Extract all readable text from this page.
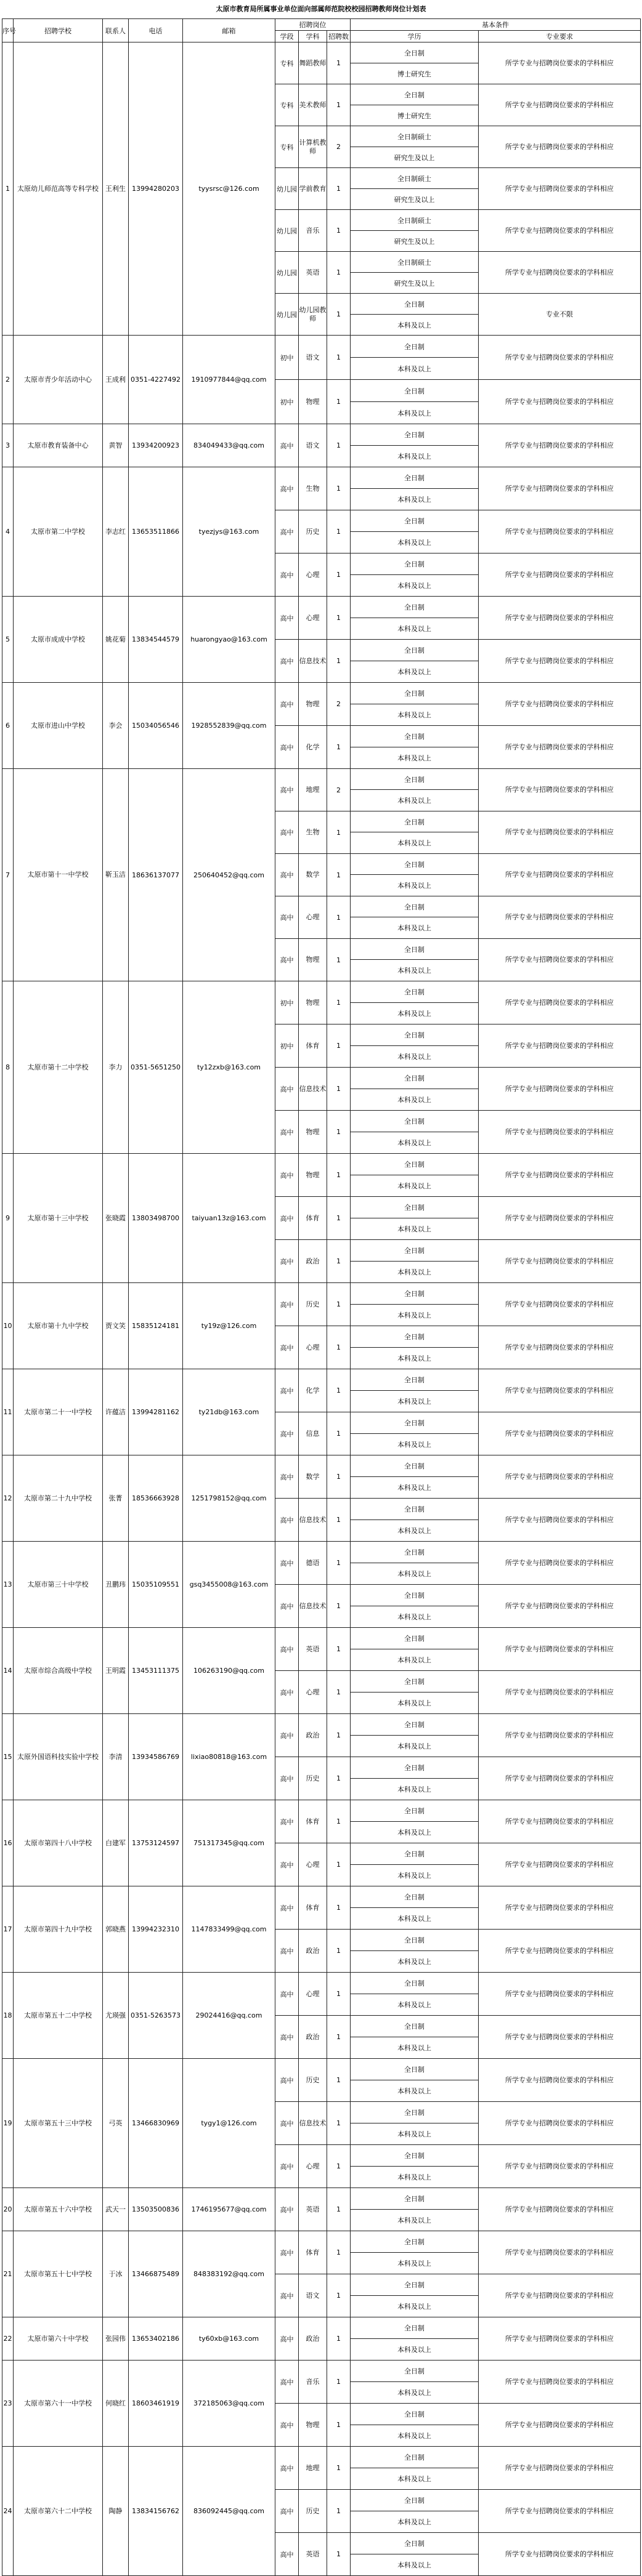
太原市教育局所属事业单位面向部属师范院校校园招聘教师岗位计划表
序号	招聘学校	联系人	电话	邮箱	招聘岗位			基本条件	
					学段	学科	招聘数	学历	专业要求
1	太原幼儿师范高等专科学校	王利生	13994280203	tyysrsc@126.com	专科	舞蹈教师	1	全日制	所学专业与招聘岗位要求的学科相应
								博士研究生	
					专科	美术教师	1	全日制	所学专业与招聘岗位要求的学科相应
								博士研究生	
					专科	计算机教师	2	全日制硕士	所学专业与招聘岗位要求的学科相应
								研究生及以上	
					幼儿园	学前教育	1	全日制硕士	所学专业与招聘岗位要求的学科相应
								研究生及以上	
					幼儿园	音乐	1	全日制硕士	所学专业与招聘岗位要求的学科相应
								研究生及以上	
					幼儿园	英语	1	全日制硕士	所学专业与招聘岗位要求的学科相应
								研究生及以上	
					幼儿园	幼儿园教师	1	全日制	专业不限
								本科及以上	
2	太原市青少年活动中心	王成利	0351-4227492	1910977844@qq.com	初中	语文	1	全日制	所学专业与招聘岗位要求的学科相应
								本科及以上	
					初中	物理	1	全日制	所学专业与招聘岗位要求的学科相应
								本科及以上	
3	太原市教育装备中心	黄智	13934200923	834049433@qq.com	高中	语文	1	全日制	所学专业与招聘岗位要求的学科相应
								本科及以上	
4	太原市第二中学校	李志红	13653511866	tyezjys@163.com	高中	生物	1	全日制	所学专业与招聘岗位要求的学科相应
								本科及以上	
					高中	历史	1	全日制	所学专业与招聘岗位要求的学科相应
								本科及以上	
					高中	心理	1	全日制	所学专业与招聘岗位要求的学科相应
								本科及以上	
5	太原市成成中学校	姚花菊	13834544579	huarongyao@163.com	高中	心理	1	全日制	所学专业与招聘岗位要求的学科相应
								本科及以上	
					高中	信息技术	1	全日制	所学专业与招聘岗位要求的学科相应
								本科及以上	
6	太原市进山中学校	李会	15034056546	1928552839@qq.com	高中	物理	2	全日制	所学专业与招聘岗位要求的学科相应
								本科及以上	
					高中	化学	1	全日制	所学专业与招聘岗位要求的学科相应
								本科及以上	
7	太原市第十一中学校	靳玉洁	18636137077	250640452@qq.com	高中	地理	2	全日制	所学专业与招聘岗位要求的学科相应
								本科及以上	
					高中	生物	1	全日制	所学专业与招聘岗位要求的学科相应
								本科及以上	
					高中	数学	1	全日制	所学专业与招聘岗位要求的学科相应
								本科及以上	
					高中	心理	1	全日制	所学专业与招聘岗位要求的学科相应
								本科及以上	
					高中	物理	1	全日制	所学专业与招聘岗位要求的学科相应
								本科及以上	
8	太原市第十二中学校	李力	0351-5651250	ty12zxb@163.com	初中	物理	1	全日制	所学专业与招聘岗位要求的学科相应
								本科及以上	
					初中	体育	1	全日制	所学专业与招聘岗位要求的学科相应
								本科及以上	
					高中	信息技术	1	全日制	所学专业与招聘岗位要求的学科相应
								本科及以上	
					高中	物理	1	全日制	所学专业与招聘岗位要求的学科相应
								本科及以上	
9	太原市第十三中学校	张晓霞	13803498700	taiyuan13z@163.com	高中	物理	1	全日制	所学专业与招聘岗位要求的学科相应
								本科及以上	
					高中	体育	1	全日制	所学专业与招聘岗位要求的学科相应
								本科及以上	
					高中	政治	1	全日制	所学专业与招聘岗位要求的学科相应
								本科及以上	
10	太原市第十九中学校	贾文笑	15835124181	ty19z@126.com	高中	历史	1	全日制	所学专业与招聘岗位要求的学科相应
								本科及以上	
					高中	心理	1	全日制	所学专业与招聘岗位要求的学科相应
								本科及以上	
11	太原市第二十一中学校	许蕴洁	13994281162	ty21db@163.com	高中	化学	1	全日制	所学专业与招聘岗位要求的学科相应
								本科及以上	
					高中	信息	1	全日制	所学专业与招聘岗位要求的学科相应
								本科及以上	
12	太原市第二十九中学校	张菁	18536663928	1251798152@qq.com	高中	数学	1	全日制	所学专业与招聘岗位要求的学科相应
								本科及以上	
					高中	信息技术	1	全日制	所学专业与招聘岗位要求的学科相应
								本科及以上	
13	太原市第三十中学校	丑鹏玮	15035109551	gsq3455008@163.com	高中	德语	1	全日制	所学专业与招聘岗位要求的学科相应
								本科及以上	
					高中	信息技术	1	全日制	所学专业与招聘岗位要求的学科相应
								本科及以上	
14	太原市综合高级中学校	王明霞	13453111375	106263190@qq.com	高中	英语	1	全日制	所学专业与招聘岗位要求的学科相应
								本科及以上	
					高中	心理	1	全日制	所学专业与招聘岗位要求的学科相应
								本科及以上	
15	太原外国语科技实验中学校	李清	13934586769	lixiao80818@163.com	高中	政治	1	全日制	所学专业与招聘岗位要求的学科相应
								本科及以上	
					高中	历史	1	全日制	所学专业与招聘岗位要求的学科相应
								本科及以上	
16	太原市第四十八中学校	白建军	13753124597	751317345@qq.com	高中	体育	1	全日制	所学专业与招聘岗位要求的学科相应
								本科及以上	
					高中	心理	1	全日制	所学专业与招聘岗位要求的学科相应
								本科及以上	
17	太原市第四十九中学校	郭晓燕	13994232310	1147833499@qq.com	高中	体育	1	全日制	所学专业与招聘岗位要求的学科相应
								本科及以上	
					高中	政治	1	全日制	所学专业与招聘岗位要求的学科相应
								本科及以上	
18	太原市第五十二中学校	尤瑛强	0351-5263573	29024416@qq.com	高中	心理	1	全日制	所学专业与招聘岗位要求的学科相应
								本科及以上	
					高中	政治	1	全日制	所学专业与招聘岗位要求的学科相应
								本科及以上	
19	太原市第五十三中学校	弓英	13466830969	tygy1@126.com	高中	历史	1	全日制	所学专业与招聘岗位要求的学科相应
								本科及以上	
					高中	信息技术	1	全日制	所学专业与招聘岗位要求的学科相应
								本科及以上	
					高中	心理	1	全日制	所学专业与招聘岗位要求的学科相应
								本科及以上	
20	太原市第五十六中学校	武天一	13503500836	1746195677@qq.com	高中	英语	1	全日制	所学专业与招聘岗位要求的学科相应
								本科及以上	
21	太原市第五十七中学校	于冰	13466875489	848383192@qq.com	高中	体育	1	全日制	所学专业与招聘岗位要求的学科相应
								本科及以上	
					高中	语文	1	全日制	所学专业与招聘岗位要求的学科相应
								本科及以上	
22	太原市第六十中学校	张园伟	13653402186	ty60xb@163.com	高中	政治	1	全日制	所学专业与招聘岗位要求的学科相应
								本科及以上	
23	太原市第六十一中学校	何晓红	18603461919	372185063@qq.com	高中	音乐	1	全日制	所学专业与招聘岗位要求的学科相应
								本科及以上	
					高中	物理	1	全日制	所学专业与招聘岗位要求的学科相应
								本科及以上	
24	太原市第六十二中学校	陶静	13834156762	836092445@qq.com	高中	地理	1	全日制	所学专业与招聘岗位要求的学科相应
								本科及以上	
					高中	历史	1	全日制	所学专业与招聘岗位要求的学科相应
								本科及以上	
					高中	英语	1	全日制	所学专业与招聘岗位要求的学科相应
								本科及以上	
